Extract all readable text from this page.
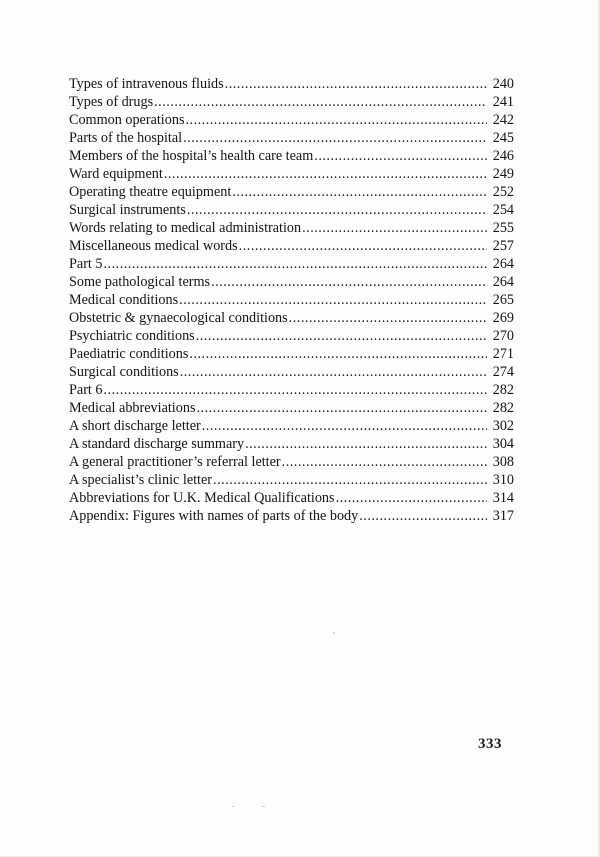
Types of intravenous fluids .....	240
Types of drugs .....	241
Common operations .....	242
Parts of the hospital .....	245
Members of the hospital’s health care team .....	246
Ward equipment .....	249
Operating theatre equipment .....	252
Surgical instruments .....	254
Words relating to medical administration .....	255
Miscellaneous medical words .....	257
Part 5 .....	264
Some pathological terms .....	264
Medical conditions .....	265
Obstetric & gynaecological conditions .....	269
Psychiatric conditions .....	270
Paediatric conditions .....	271
Surgical conditions .....	274
Part 6 .....	282
Medical abbreviations .....	282
A short discharge letter .....	302
A standard discharge summary .....	304
A general practitioner’s referral letter .....	308
A specialist’s clinic letter .....	310
Abbreviations for U.K. Medical Qualifications .....	314
Appendix: Figures with names of parts of the body .....	317
333
